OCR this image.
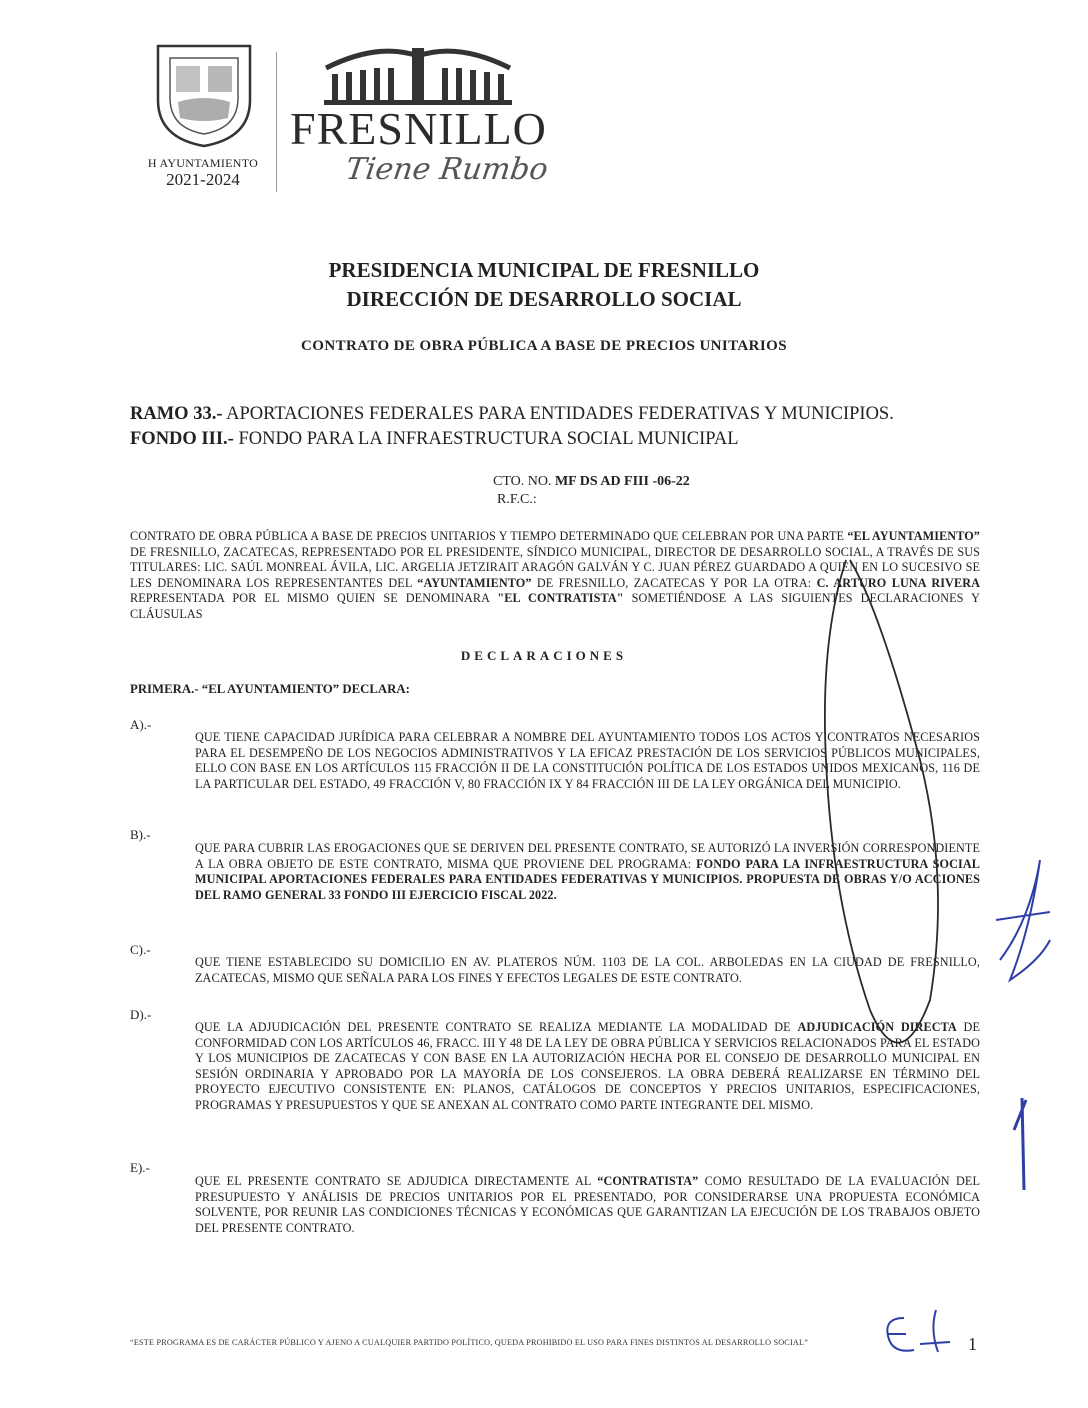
H AYUNTAMIENTO
2021-2024
FRESNILLO
Tiene Rumbo
PRESIDENCIA MUNICIPAL DE FRESNILLO
DIRECCIÓN DE DESARROLLO SOCIAL
CONTRATO DE OBRA PÚBLICA A BASE DE PRECIOS UNITARIOS
RAMO 33.- APORTACIONES FEDERALES PARA ENTIDADES FEDERATIVAS Y MUNICIPIOS.
FONDO III.- FONDO PARA LA INFRAESTRUCTURA SOCIAL MUNICIPAL
CTO. NO. MF DS AD FIII -06-22
R.F.C.:
CONTRATO DE OBRA PÚBLICA A BASE DE PRECIOS UNITARIOS Y TIEMPO DETERMINADO QUE CELEBRAN POR UNA PARTE “EL AYUNTAMIENTO” DE FRESNILLO, ZACATECAS, REPRESENTADO POR EL PRESIDENTE, SÍNDICO MUNICIPAL, DIRECTOR DE DESARROLLO SOCIAL, A TRAVÉS DE SUS TITULARES: LIC. SAÚL MONREAL ÁVILA, LIC. ARGELIA JETZIRAIT ARAGÓN GALVÁN Y C. JUAN PÉREZ GUARDADO A QUIEN EN LO SUCESIVO SE LES DENOMINARA LOS REPRESENTANTES DEL “AYUNTAMIENTO” DE FRESNILLO, ZACATECAS Y POR LA OTRA: C. ARTURO LUNA RIVERA REPRESENTADA POR EL MISMO QUIEN SE DENOMINARA "EL CONTRATISTA" SOMETIÉNDOSE A LAS SIGUIENTES DECLARACIONES Y CLÁUSULAS
DECLARACIONES
PRIMERA.- “EL AYUNTAMIENTO” DECLARA:
A).-
QUE TIENE CAPACIDAD JURÍDICA PARA CELEBRAR A NOMBRE DEL AYUNTAMIENTO TODOS LOS ACTOS Y CONTRATOS NECESARIOS PARA EL DESEMPEÑO DE LOS NEGOCIOS ADMINISTRATIVOS Y LA EFICAZ PRESTACIÓN DE LOS SERVICIOS PÚBLICOS MUNICIPALES, ELLO CON BASE EN LOS ARTÍCULOS 115 FRACCIÓN II DE LA CONSTITUCIÓN POLÍTICA DE LOS ESTADOS UNIDOS MEXICANOS, 116 DE LA PARTICULAR DEL ESTADO, 49 FRACCIÓN V, 80 FRACCIÓN IX Y 84 FRACCIÓN III DE LA LEY ORGÁNICA DEL MUNICIPIO.
B).-
QUE PARA CUBRIR LAS EROGACIONES QUE SE DERIVEN DEL PRESENTE CONTRATO, SE AUTORIZÓ LA INVERSIÓN CORRESPONDIENTE A LA OBRA OBJETO DE ESTE CONTRATO, MISMA QUE PROVIENE DEL PROGRAMA: FONDO PARA LA INFRAESTRUCTURA SOCIAL MUNICIPAL APORTACIONES FEDERALES PARA ENTIDADES FEDERATIVAS Y MUNICIPIOS. PROPUESTA DE OBRAS Y/O ACCIONES DEL RAMO GENERAL 33 FONDO III EJERCICIO FISCAL 2022.
C).-
QUE TIENE ESTABLECIDO SU DOMICILIO EN AV. PLATEROS NÚM. 1103 DE LA COL. ARBOLEDAS EN LA CIUDAD DE FRESNILLO, ZACATECAS, MISMO QUE SEÑALA PARA LOS FINES Y EFECTOS LEGALES DE ESTE CONTRATO.
D).-
QUE LA ADJUDICACIÓN DEL PRESENTE CONTRATO SE REALIZA MEDIANTE LA MODALIDAD DE ADJUDICACIÓN DIRECTA DE CONFORMIDAD CON LOS ARTÍCULOS 46, FRACC. III Y 48 DE LA LEY DE OBRA PÚBLICA Y SERVICIOS RELACIONADOS PARA EL ESTADO Y LOS MUNICIPIOS DE ZACATECAS Y CON BASE EN LA AUTORIZACIÓN HECHA POR EL CONSEJO DE DESARROLLO MUNICIPAL EN SESIÓN ORDINARIA Y APROBADO POR LA MAYORÍA DE LOS CONSEJEROS. LA OBRA DEBERÁ REALIZARSE EN TÉRMINO DEL PROYECTO EJECUTIVO CONSISTENTE EN: PLANOS, CATÁLOGOS DE CONCEPTOS Y PRECIOS UNITARIOS, ESPECIFICACIONES, PROGRAMAS Y PRESUPUESTOS Y QUE SE ANEXAN AL CONTRATO COMO PARTE INTEGRANTE DEL MISMO.
E).-
QUE EL PRESENTE CONTRATO SE ADJUDICA DIRECTAMENTE AL “CONTRATISTA” COMO RESULTADO DE LA EVALUACIÓN DEL PRESUPUESTO Y ANÁLISIS DE PRECIOS UNITARIOS POR EL PRESENTADO, POR CONSIDERARSE UNA PROPUESTA ECONÓMICA SOLVENTE, POR REUNIR LAS CONDICIONES TÉCNICAS Y ECONÓMICAS QUE GARANTIZAN LA EJECUCIÓN DE LOS TRABAJOS OBJETO DEL PRESENTE CONTRATO.
“ESTE PROGRAMA ES DE CARÁCTER PÚBLICO Y AJENO A CUALQUIER PARTIDO POLÍTICO, QUEDA PROHIBIDO EL USO PARA FINES DISTINTOS AL DESARROLLO SOCIAL”	1
